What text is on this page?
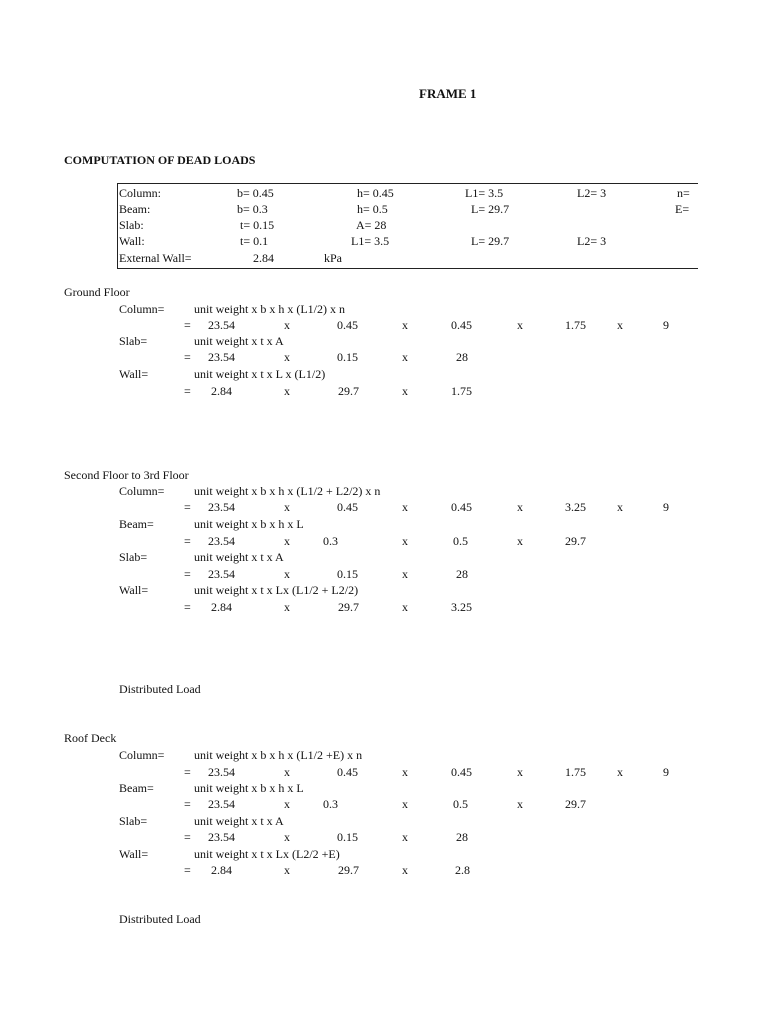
FRAME 1
COMPUTATION OF DEAD LOADS
Column:	b= 0.45	h= 0.45	L1= 3.5	L2= 3	n=
Beam:	b= 0.3	h= 0.5	L= 29.7	E=
Slab:	t= 0.15	A= 28
Wall:	t= 0.1	L1= 3.5	L= 29.7	L2= 3
External Wall=	2.84	kPa
Ground Floor
Column= unit weight x b x h x (L1/2) x n
= 23.54	x	0.45	x	0.45	x	1.75	x	9
Slab=	unit weight x t x A
= 23.54	x	0.15	x	28
Wall=	unit weight x t x L x (L1/2)
= 2.84	x	29.7	x	1.75
Second Floor to 3rd Floor
Column= unit weight x b x h x (L1/2 + L2/2) x n
= 23.54	x	0.45	x	0.45	x	3.25	x	9
Beam=	unit weight x b x h x L
= 23.54	x	0.3	x	0.5	x	29.7
Slab=	unit weight x t x A
= 23.54	x	0.15	x	28
Wall=	unit weight x t x Lx (L1/2 + L2/2)
= 2.84	x	29.7	x	3.25
Distributed Load
Roof Deck
Column= unit weight x b x h x (L1/2 +E) x n
= 23.54	x	0.45	x	0.45	x	1.75	x	9
Beam=	unit weight x b x h x L
= 23.54	x	0.3	x	0.5	x	29.7
Slab=	unit weight x t x A
= 23.54	x	0.15	x	28
Wall=	unit weight x t x Lx (L2/2 +E)
= 2.84	x	29.7	x	2.8
Distributed Load
